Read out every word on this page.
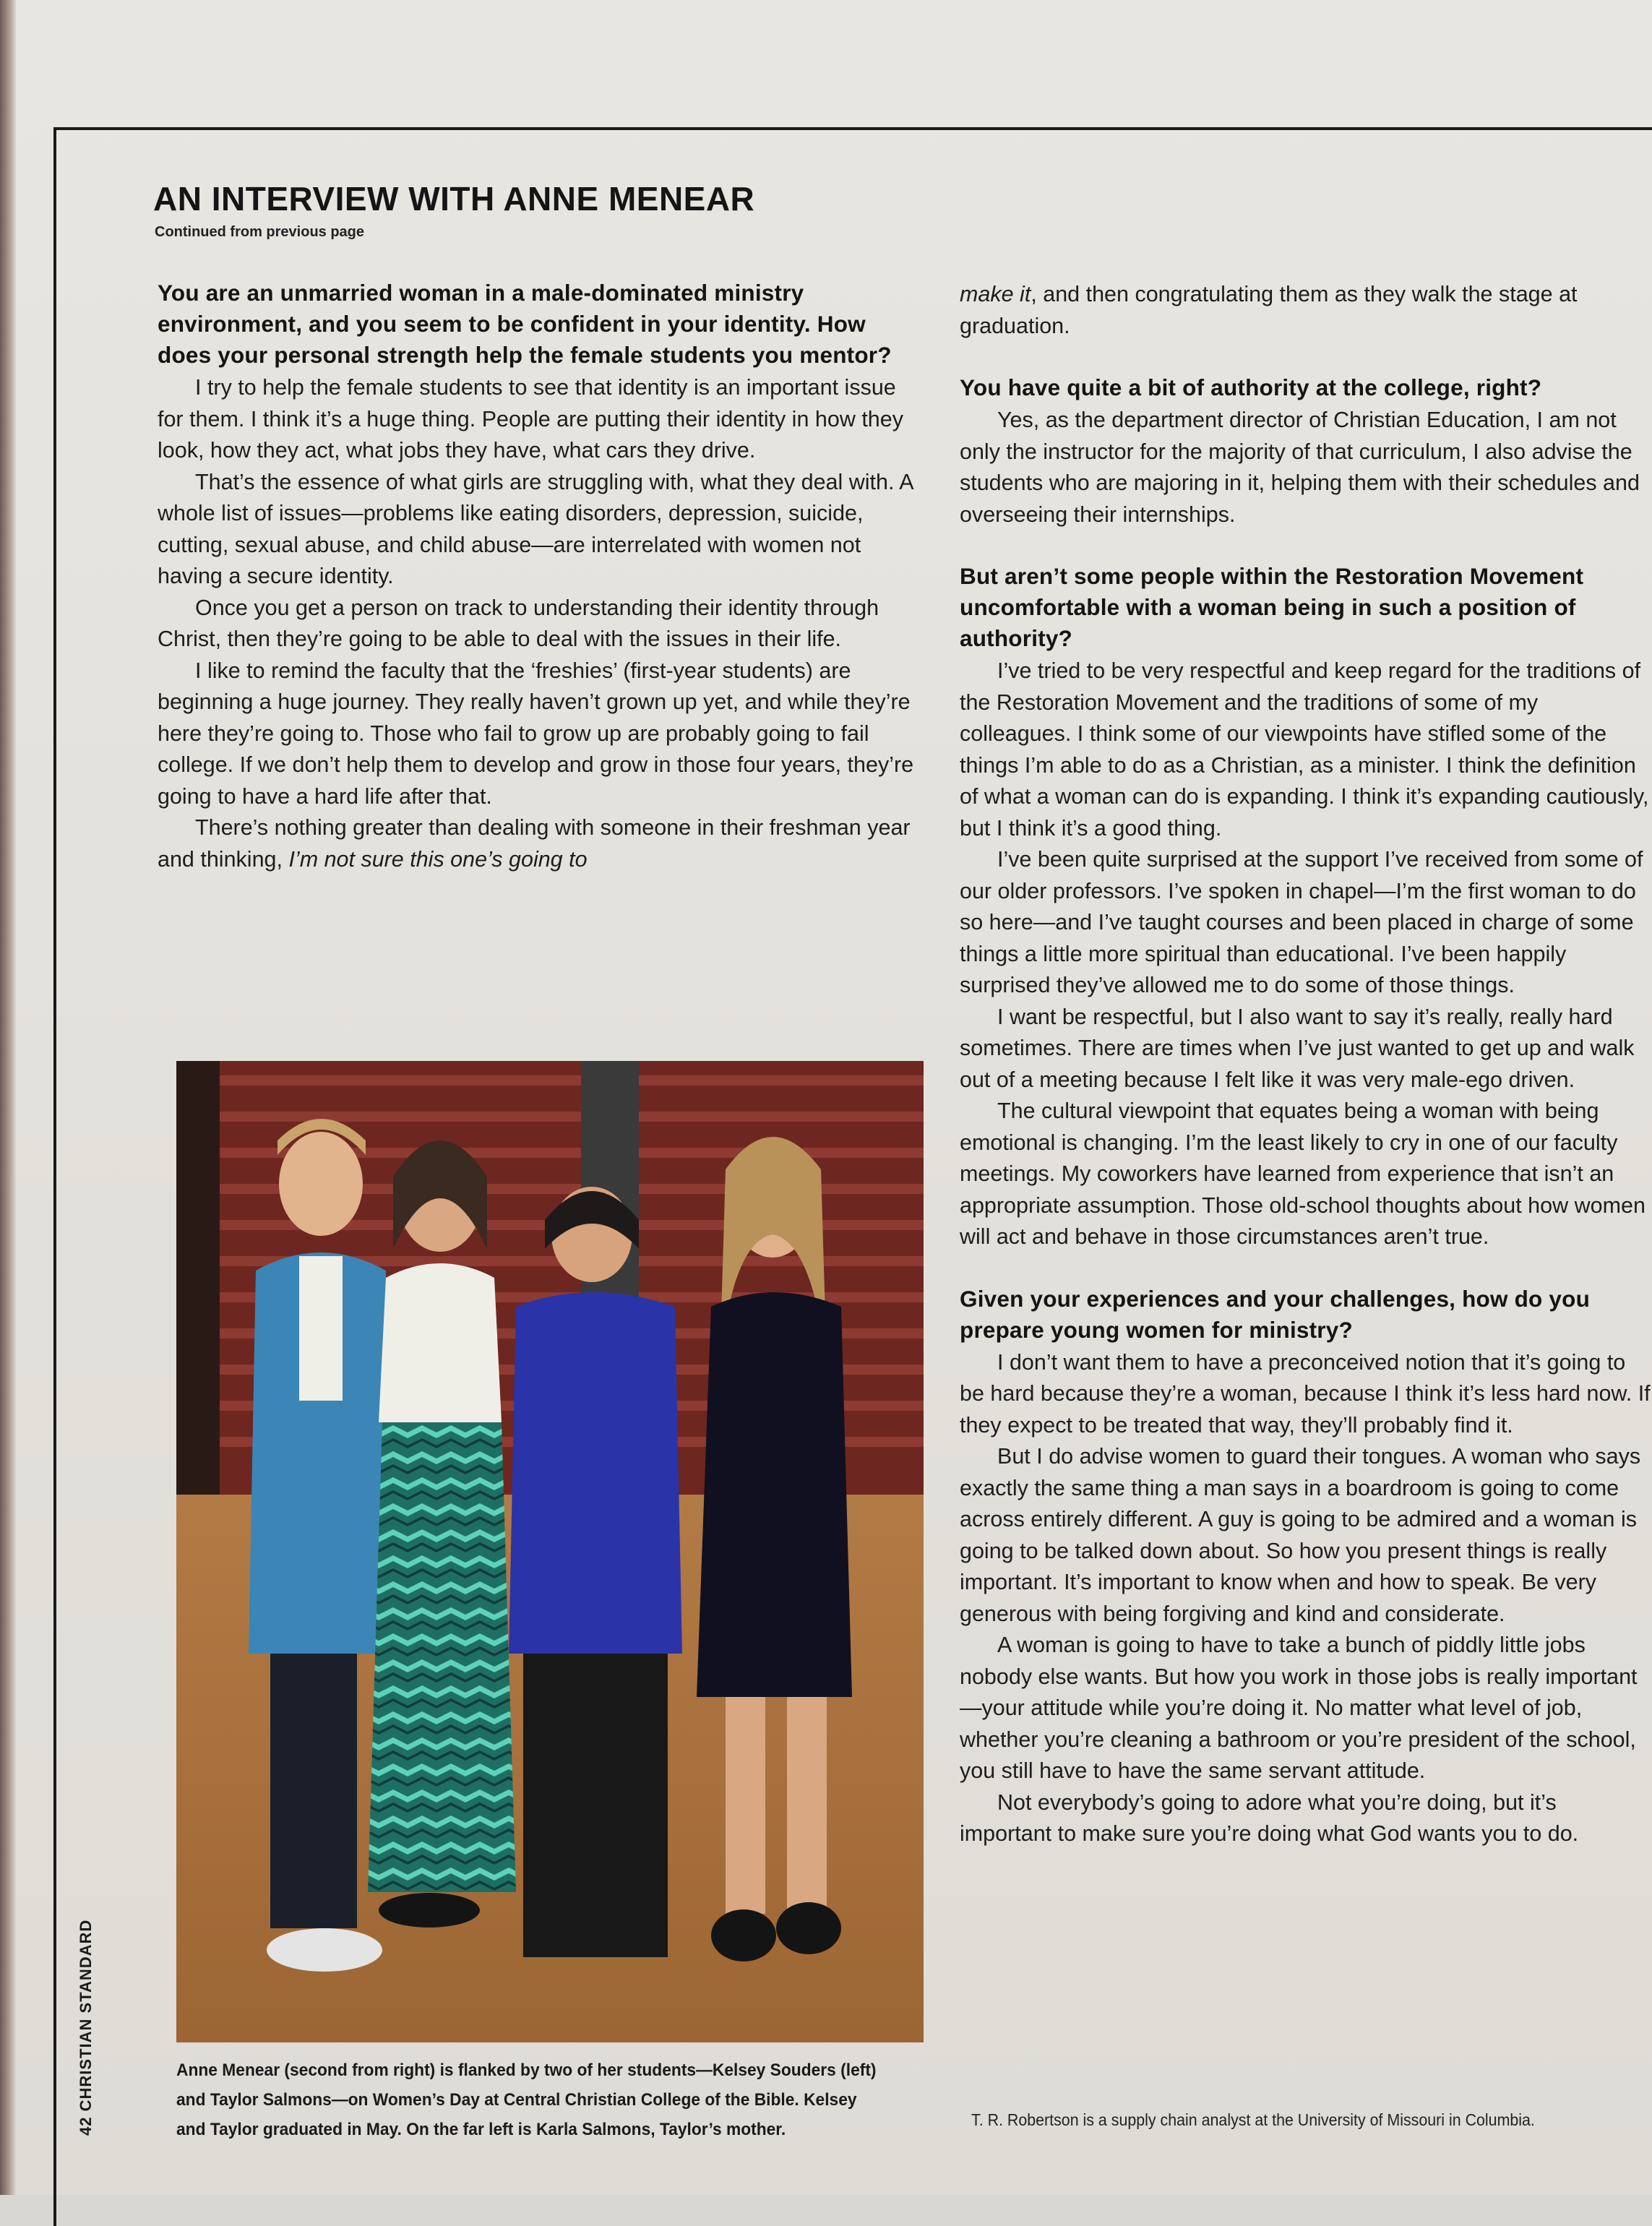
AN INTERVIEW WITH ANNE MENEAR
Continued from previous page
You are an unmarried woman in a male-dominated ministry environment, and you seem to be confident in your identity. How does your personal strength help the female students you mentor?

I try to help the female students to see that identity is an important issue for them. I think it’s a huge thing. People are putting their identity in how they look, how they act, what jobs they have, what cars they drive.

That’s the essence of what girls are struggling with, what they deal with. A whole list of issues—problems like eating disorders, depression, suicide, cutting, sexual abuse, and child abuse—are interrelated with women not having a secure identity.

Once you get a person on track to understanding their identity through Christ, then they’re going to be able to deal with the issues in their life.

I like to remind the faculty that the ‘freshies’ (first-year students) are beginning a huge journey. They really haven’t grown up yet, and while they’re here they’re going to. Those who fail to grow up are probably going to fail college. If we don’t help them to develop and grow in those four years, they’re going to have a hard life after that.

There’s nothing greater than dealing with someone in their freshman year and thinking, I’m not sure this one’s going to

Anne Menear (second from right) is flanked by two of her students—Kelsey Souders (left) and Taylor Salmons—on Women’s Day at Central Christian College of the Bible. Kelsey and Taylor graduated in May. On the far left is Karla Salmons, Taylor’s mother.

make it, and then congratulating them as they walk the stage at graduation.

You have quite a bit of authority at the college, right?

Yes, as the department director of Christian Education, I am not only the instructor for the majority of that curriculum, I also advise the students who are majoring in it, helping them with their schedules and overseeing their internships.

But aren’t some people within the Restoration Movement uncomfortable with a woman being in such a position of authority?

I’ve tried to be very respectful and keep regard for the traditions of the Restoration Movement and the traditions of some of my colleagues. I think some of our viewpoints have stifled some of the things I’m able to do as a Christian, as a minister. I think the definition of what a woman can do is expanding. I think it’s expanding cautiously, but I think it’s a good thing.

I’ve been quite surprised at the support I’ve received from some of our older professors. I’ve spoken in chapel—I’m the first woman to do so here—and I’ve taught courses and been placed in charge of some things a little more spiritual than educational. I’ve been happily surprised they’ve allowed me to do some of those things.

I want be respectful, but I also want to say it’s really, really hard sometimes. There are times when I’ve just wanted to get up and walk out of a meeting because I felt like it was very male-ego driven.

The cultural viewpoint that equates being a woman with being emotional is changing. I’m the least likely to cry in one of our faculty meetings. My coworkers have learned from experience that isn’t an appropriate assumption. Those old-school thoughts about how women will act and behave in those circumstances aren’t true.

Given your experiences and your challenges, how do you prepare young women for ministry?

I don’t want them to have a preconceived notion that it’s going to be hard because they’re a woman, because I think it’s less hard now. If they expect to be treated that way, they’ll probably find it.

But I do advise women to guard their tongues. A woman who says exactly the same thing a man says in a boardroom is going to come across entirely different. A guy is going to be admired and a woman is going to be talked down about. So how you present things is really important. It’s important to know when and how to speak. Be very generous with being forgiving and kind and considerate.

A woman is going to have to take a bunch of piddly little jobs nobody else wants. But how you work in those jobs is really important—your attitude while you’re doing it. No matter what level of job, whether you’re cleaning a bathroom or you’re president of the school, you still have to have the same servant attitude.

Not everybody’s going to adore what you’re doing, but it’s important to make sure you’re doing what God wants you to do.

T. R. Robertson is a supply chain analyst at the University of Missouri in Columbia.
42 CHRISTIAN STANDARD
